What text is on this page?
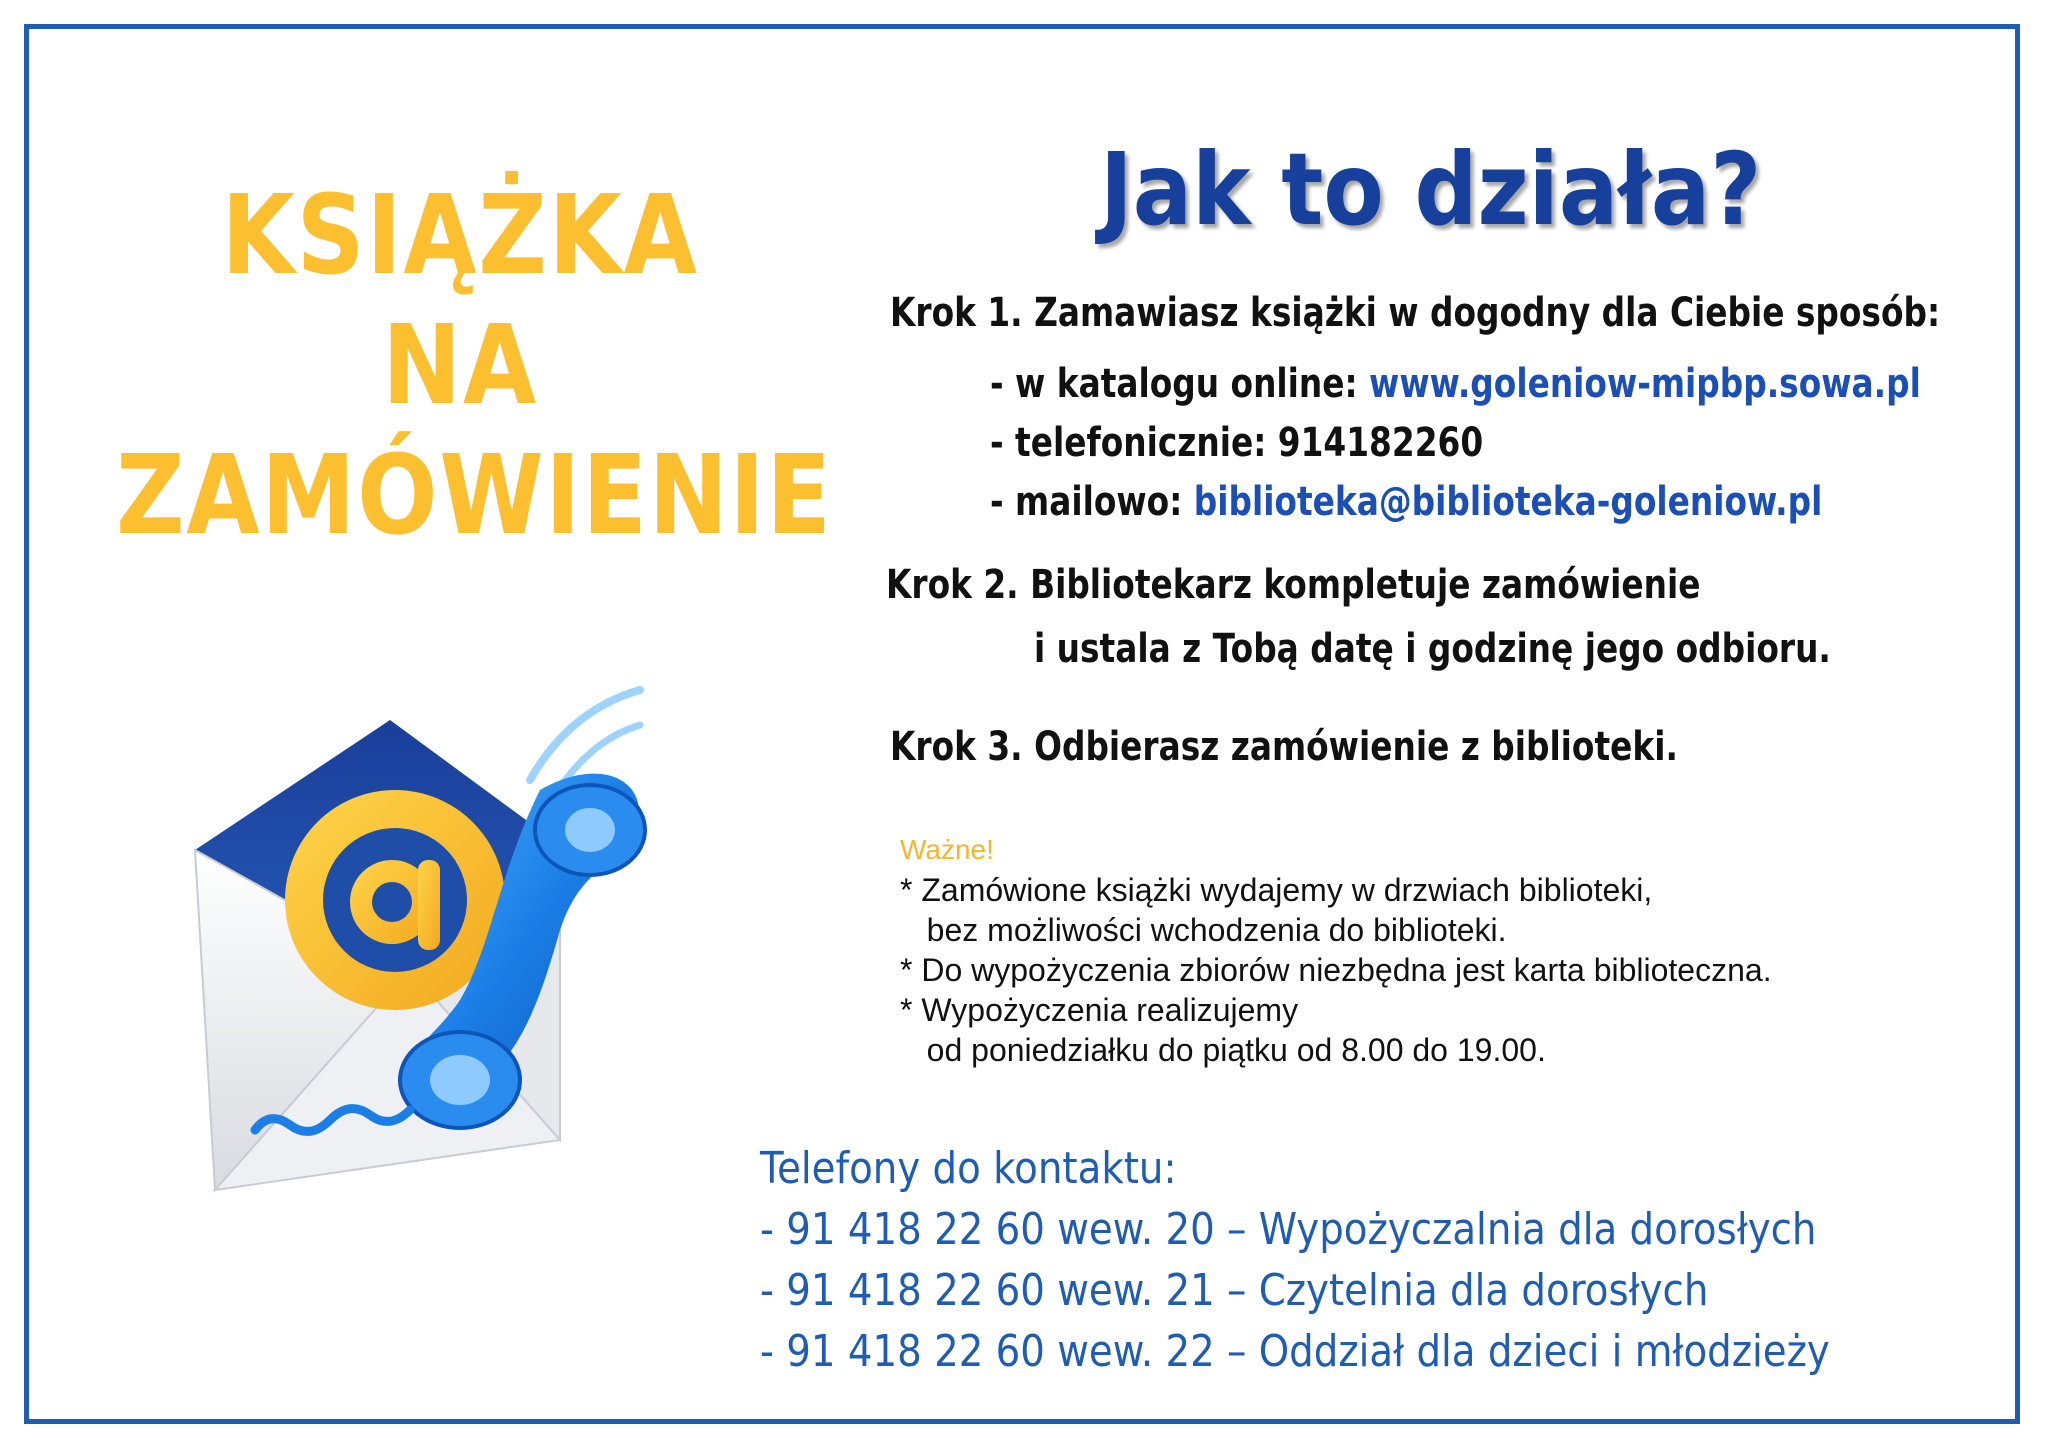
KSIĄŻKA
NA
ZAMÓWIENIE
Jak to działa?
Krok 1. Zamawiasz książki w dogodny dla Ciebie sposób:
- w katalogu online: www.goleniow-mipbp.sowa.pl
- telefonicznie: 914182260
- mailowo: biblioteka@biblioteka-goleniow.pl
Krok 2. Bibliotekarz kompletuje zamówienie
i ustala z Tobą datę i godzinę jego odbioru.
Krok 3. Odbierasz zamówienie z biblioteki.
Ważne!
* Zamówione książki wydajemy w drzwiach biblioteki,
bez możliwości wchodzenia do biblioteki.
* Do wypożyczenia zbiorów niezbędna jest karta biblioteczna.
* Wypożyczenia realizujemy
od poniedziałku do piątku od 8.00 do 19.00.
Telefony do kontaktu:
- 91 418 22 60 wew. 20 – Wypożyczalnia dla dorosłych
- 91 418 22 60 wew. 21 – Czytelnia dla dorosłych
- 91 418 22 60 wew. 22 – Oddział dla dzieci i młodzieży
